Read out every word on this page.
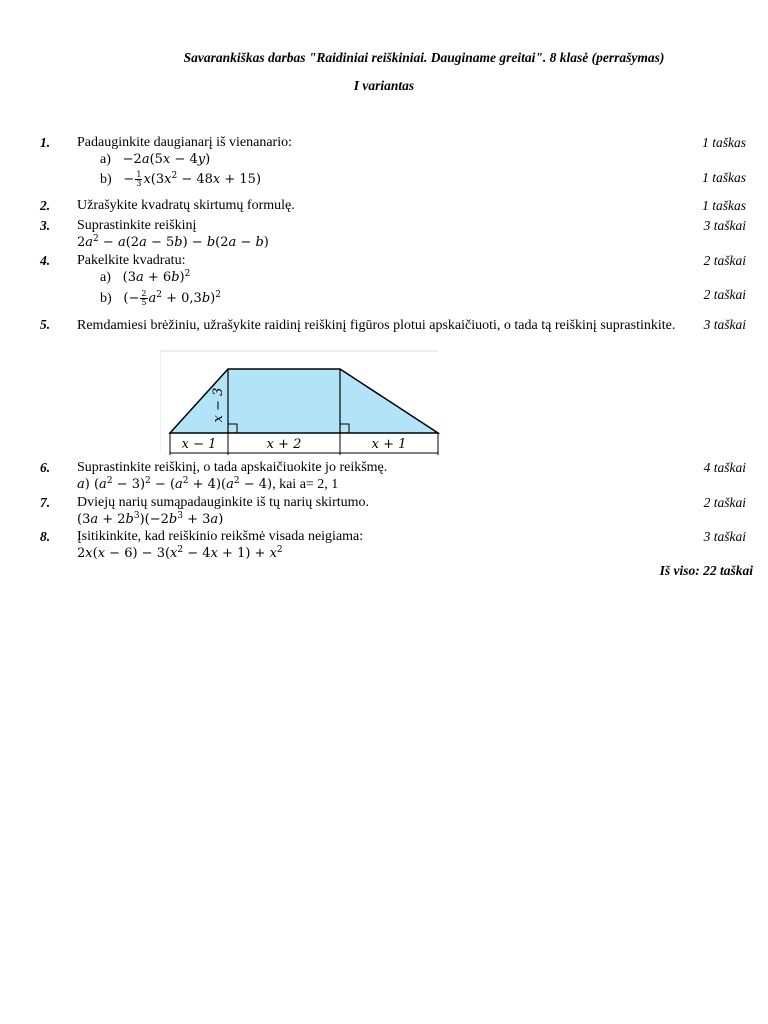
Savarankiškas darbas "Raidiniai reiškiniai. Dauginame greitai". 8 klasė (perrašymas)
I variantas
1. Padauginkite daugianarį iš vienanario:	1 taškas
a)   −2a(5x − 4y)
$b) - \frac{1}{3} x(3x^2 - 48x + 15)$	1 taškas
2. Užrašykite kvadratų skirtumų formulę.	1 taškas
3. Suprastinkite reiškinį	3 taškai
$2a^2 - a(2a - 5b) - b(2a - b)$
4. Pakelkite kvadratu:	2 taškai
a)   $(3a + 6b)^2$
b)   (− $\frac{2}{5} a^2 + 0,3b)^2$	2 taškai
5. Remdamiesi brėžiniu, užrašykite raidinį reiškinį figūros plotui apskaičiuoti, o tada tą reiškinį suprastinkite. 3 taškai
x − 3
x − 1	x + 2	x + 1
6. Suprastinkite reiškinį, o tada apskaičiuokite jo reikšmę.	4 taškai
a) $(a^2 - 3)^2 - (a^2 + 4)(a^2 - 4)$, kai a= 2, 1
7. Dviejų narių sumąpadauginkite iš tų narių skirtumo.	2 taškai
$(3a + 2b^3)(-2b^3 + 3a)$
8. Įsitikinkite, kad reiškinio reikšmė visada neigiama:	3 taškai
$2x(x - 6) - 3(x^2 - 4x + 1) + x^2$
Iš viso: 22 taškai
